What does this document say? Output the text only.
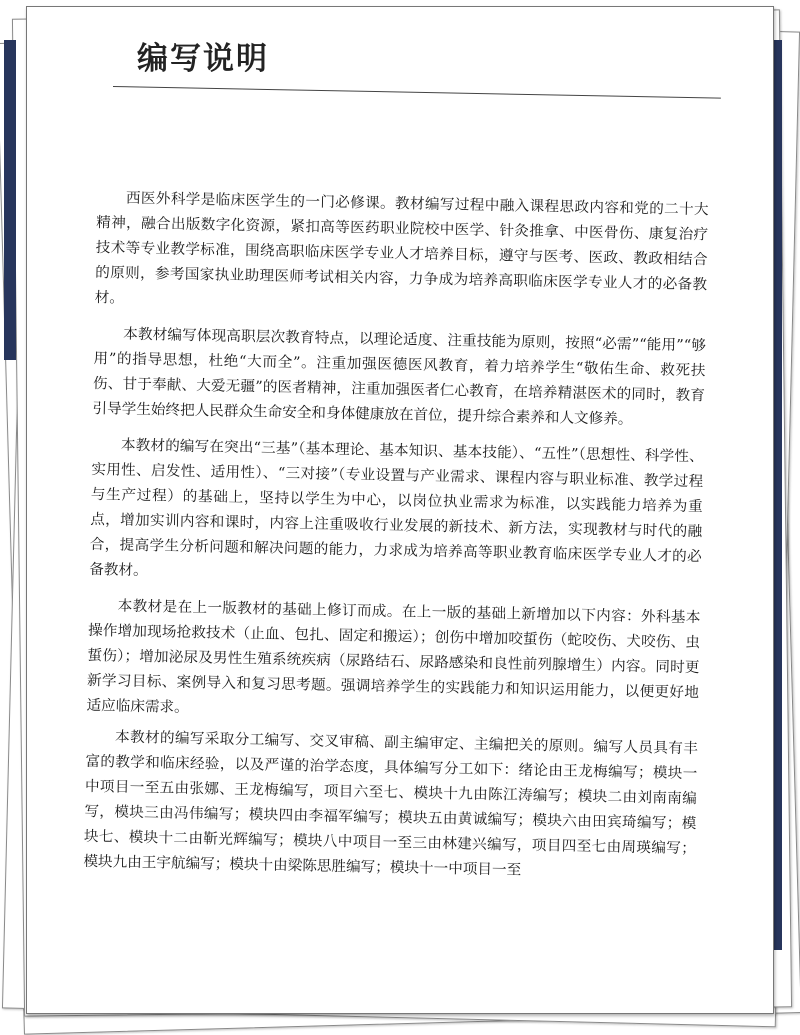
编写说明

西医外科学是临床医学生的一门必修课。教材编写过程中融入课程思政内容和党的二十大精神，融合出版数字化资源，紧扣高等医药职业院校中医学、针灸推拿、中医骨伤、康复治疗技术等专业教学标准，围绕高职临床医学专业人才培养目标，遵守与医考、医政、教政相结合的原则，参考国家执业助理医师考试相关内容，力争成为培养高职临床医学专业人才的必备教材。

本教材编写体现高职层次教育特点，以理论适度、注重技能为原则，按照“必需”“能用”“够用”的指导思想，杜绝“大而全”。注重加强医德医风教育，着力培养学生“敬佑生命、救死扶伤、甘于奉献、大爱无疆”的医者精神，注重加强医者仁心教育，在培养精湛医术的同时，教育引导学生始终把人民群众生命安全和身体健康放在首位，提升综合素养和人文修养。

本教材的编写在突出“三基”（基本理论、基本知识、基本技能）、“五性”（思想性、科学性、实用性、启发性、适用性）、“三对接”（专业设置与产业需求、课程内容与职业标准、教学过程与生产过程）的基础上，坚持以学生为中心，以岗位执业需求为标准，以实践能力培养为重点，增加实训内容和课时，内容上注重吸收行业发展的新技术、新方法，实现教材与时代的融合，提高学生分析问题和解决问题的能力，力求成为培养高等职业教育临床医学专业人才的必备教材。

本教材是在上一版教材的基础上修订而成。在上一版的基础上新增加以下内容：外科基本操作增加现场抢救技术（止血、包扎、固定和搬运）；创伤中增加咬蜇伤（蛇咬伤、犬咬伤、虫蜇伤）；增加泌尿及男性生殖系统疾病（尿路结石、尿路感染和良性前列腺增生）内容。同时更新学习目标、案例导入和复习思考题。强调培养学生的实践能力和知识运用能力，以便更好地适应临床需求。

本教材的编写采取分工编写、交叉审稿、副主编审定、主编把关的原则。编写人员具有丰富的教学和临床经验，以及严谨的治学态度，具体编写分工如下：绪论由王龙梅编写；模块一中项目一至五由张娜、王龙梅编写，项目六至七、模块十九由陈江涛编写；模块二由刘南南编写，模块三由冯伟编写；模块四由李福军编写；模块五由黄诚编写；模块六由田宾琦编写；模块七、模块十二由靳光辉编写；模块八中项目一至三由林建兴编写，项目四至七由周瑛编写；模块九由王宇航编写；模块十由梁陈思胜编写；模块十一中项目一至
